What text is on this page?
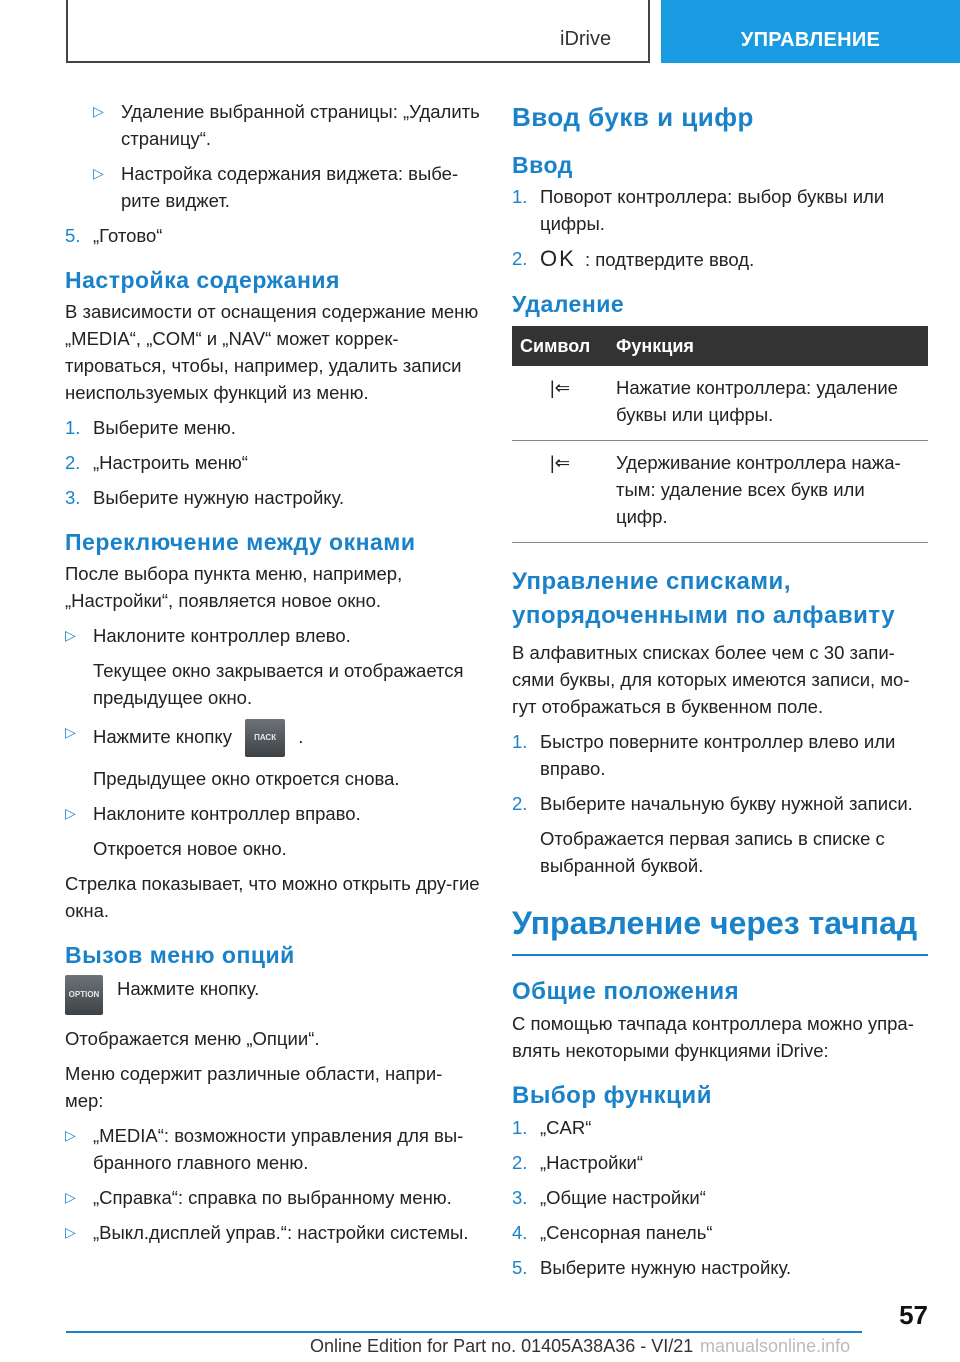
iDrive	УПРАВЛЕНИЕ
▷ Удаление выбранной страницы: „Удалить страницу“.
▷ Настройка содержания виджета: выбе-рите виджет.
5. „Готово“
Настройка содержания

В зависимости от оснащения содержание меню „MEDIA“, „COM“ и „NAV“ может коррек-тироваться, чтобы, например, удалить записи неиспользуемых функций из меню.

1. Выберите меню.
2. „Настроить меню“
3. Выберите нужную настройку.
Переключение между окнами

После выбора пункта меню, например, „Настройки“, появляется новое окно.

▷ Наклоните контроллер влево.

Текущее окно закрывается и отображается предыдущее окно.

▷ Нажмите кнопку	ПАСК .

Предыдущее окно откроется снова.

▷ Наклоните контроллер вправо.

Откроется новое окно.

Стрелка показывает, что можно открыть дру-гие окна.

Вызов меню опций
OPTION Нажмите кнопку.

Отображается меню „Опции“.

Меню содержит различные области, напри-мер:

▷ „MEDIA“: возможности управления для вы-бранного главного меню.
▷ „Справка“: справка по выбранному меню.
▷ „Выкл.дисплей управ.“: настройки системы.
Ввод букв и цифр
Ввод
1. Поворот контроллера: выбор буквы или цифры.
2. OK : подтвердите ввод.
Удаление
Символ	Функция
|⇐	Нажатие контроллера: удаление буквы или цифры.
|⇐	Удерживание контроллера нажа-тым: удаление всех букв или цифр.
Управление списками, упорядоченными по алфавиту

В алфавитных списках более чем с 30 запи-сями буквы, для которых имеются записи, мо-гут отображаться в буквенном поле.

1. Быстро поверните контроллер влево или вправо.
2. Выберите начальную букву нужной записи.

Отображается первая запись в списке с выбранной буквой.

Управление через тачпад
Общие положения

С помощью тачпада контроллера можно упра-влять некоторыми функциями iDrive:

Выбор функций
1. „CAR“
2. „Настройки“
3. „Общие настройки“
4. „Сенсорная панель“
5. Выберите нужную настройку.
57
Online Edition for Part no. 01405A38A36 - VI/21 manualsonline.info
